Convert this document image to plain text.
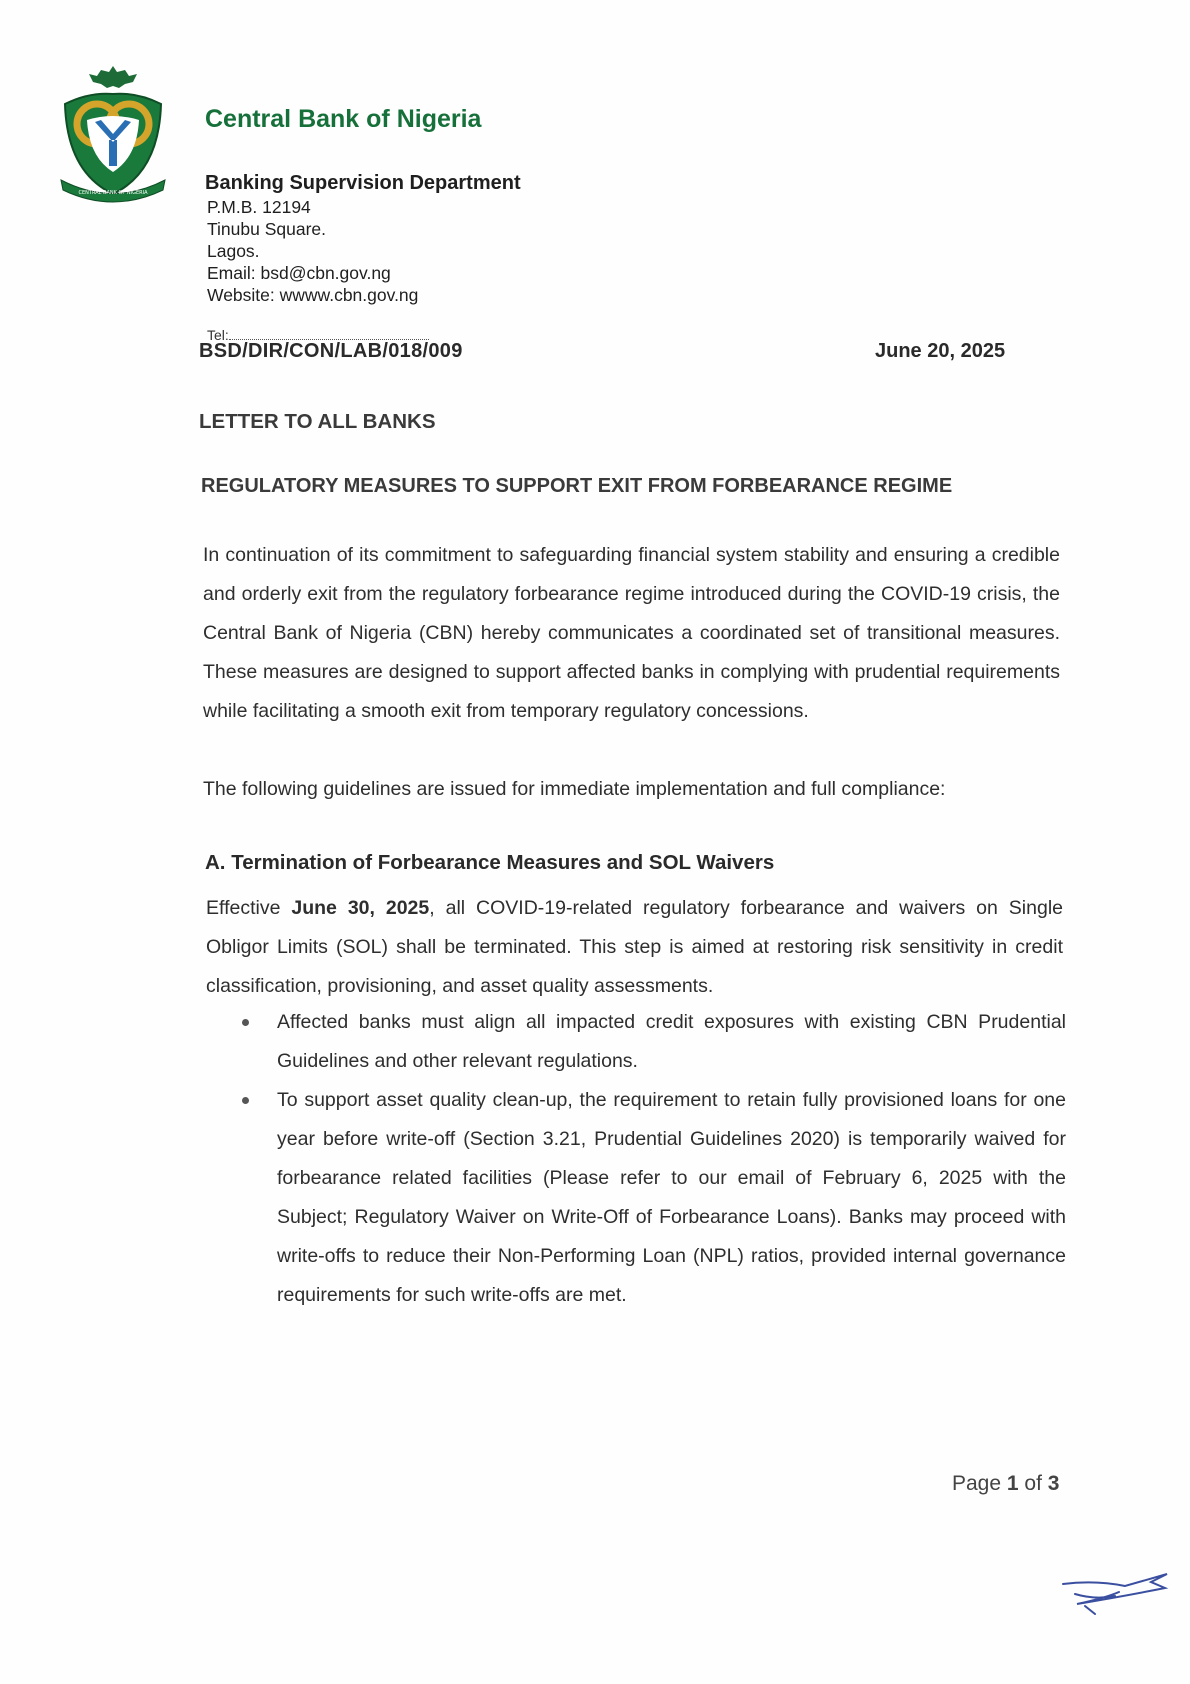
CENTRAL BANK OF NIGERIA
Central Bank of Nigeria
Banking Supervision Department
P.M.B. 12194
Tinubu Square.
Lagos.
Email: bsd@cbn.gov.ng
Website: wwww.cbn.gov.ng
Tel:
BSD/DIR/CON/LAB/018/009	June 20, 2025
LETTER TO ALL BANKS
REGULATORY MEASURES TO SUPPORT EXIT FROM FORBEARANCE REGIME
In continuation of its commitment to safeguarding financial system stability and ensuring a credible and orderly exit from the regulatory forbearance regime introduced during the COVID-19 crisis, the Central Bank of Nigeria (CBN) hereby communicates a coordinated set of transitional measures. These measures are designed to support affected banks in complying with prudential requirements while facilitating a smooth exit from temporary regulatory concessions.
The following guidelines are issued for immediate implementation and full compliance:
A. Termination of Forbearance Measures and SOL Waivers
Effective June 30, 2025, all COVID-19-related regulatory forbearance and waivers on Single Obligor Limits (SOL) shall be terminated. This step is aimed at restoring risk sensitivity in credit classification, provisioning, and asset quality assessments.
Affected banks must align all impacted credit exposures with existing CBN Prudential Guidelines and other relevant regulations.
To support asset quality clean-up, the requirement to retain fully provisioned loans for one year before write-off (Section 3.21, Prudential Guidelines 2020) is temporarily waived for forbearance related facilities (Please refer to our email of February 6, 2025 with the Subject; Regulatory Waiver on Write-Off of Forbearance Loans). Banks may proceed with write-offs to reduce their Non-Performing Loan (NPL) ratios, provided internal governance requirements for such write-offs are met.
Page 1 of 3
